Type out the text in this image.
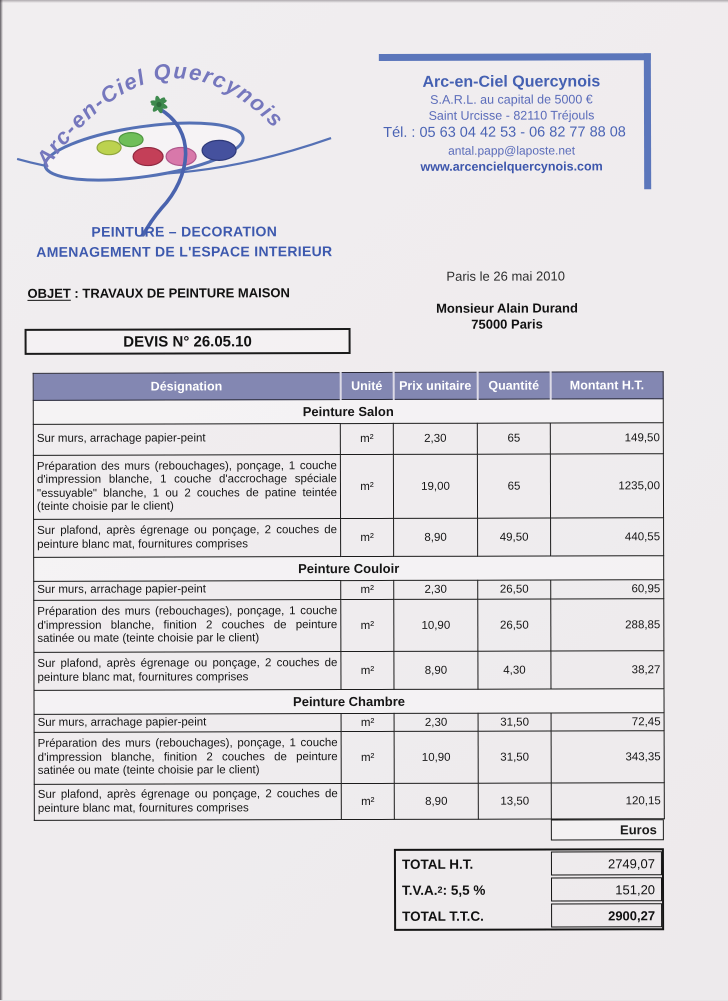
Arc-en-Ciel Quercynois
PEINTURE – DECORATION
AMENAGEMENT DE L'ESPACE INTERIEUR
Arc-en-Ciel Quercynois
S.A.R.L. au capital de 5000 €
Saint Urcisse - 82110 Tréjouls
Tél. : 05 63 04 42 53 - 06 82 77 88 08
antal.papp@laposte.net
www.arcencielquercynois.com
Paris le 26 mai 2010
OBJET : TRAVAUX DE PEINTURE MAISON
Monsieur Alain Durand
75000 Paris
DEVIS N° 26.05.10
Désignation	Unité	Prix unitaire	Quantité	Montant H.T.
Peinture Salon				
Sur murs, arrachage papier-peint	m²	2,30	65	149,50
Préparation des murs (rebouchages), ponçage, 1 couche d'impression blanche, 1 couche d'accrochage spéciale "essuyable" blanche, 1 ou 2 couches de patine teintée (teinte choisie par le client)	m²	19,00	65	1235,00
Sur plafond, après égrenage ou ponçage, 2 couches de peinture blanc mat, fournitures comprises	m²	8,90	49,50	440,55
Peinture Couloir				
Sur murs, arrachage papier-peint	m²	2,30	26,50	60,95
Préparation des murs (rebouchages), ponçage, 1 couche d'impression blanche, finition 2 couches de peinture satinée ou mate (teinte choisie par le client)	m²	10,90	26,50	288,85
Sur plafond, après égrenage ou ponçage, 2 couches de peinture blanc mat, fournitures comprises	m²	8,90	4,30	38,27
Peinture Chambre				
Sur murs, arrachage papier-peint	m²	2,30	31,50	72,45
Préparation des murs (rebouchages), ponçage, 1 couche d'impression blanche, finition 2 couches de peinture satinée ou mate (teinte choisie par le client)	m²	10,90	31,50	343,35
Sur plafond, après égrenage ou ponçage, 2 couches de peinture blanc mat, fournitures comprises	m²	8,90	13,50	120,15
Euros
TOTAL H.T.	2749,07
T.V.A. 2 : 5,5 %	151,20
TOTAL T.T.C.	2900,27
